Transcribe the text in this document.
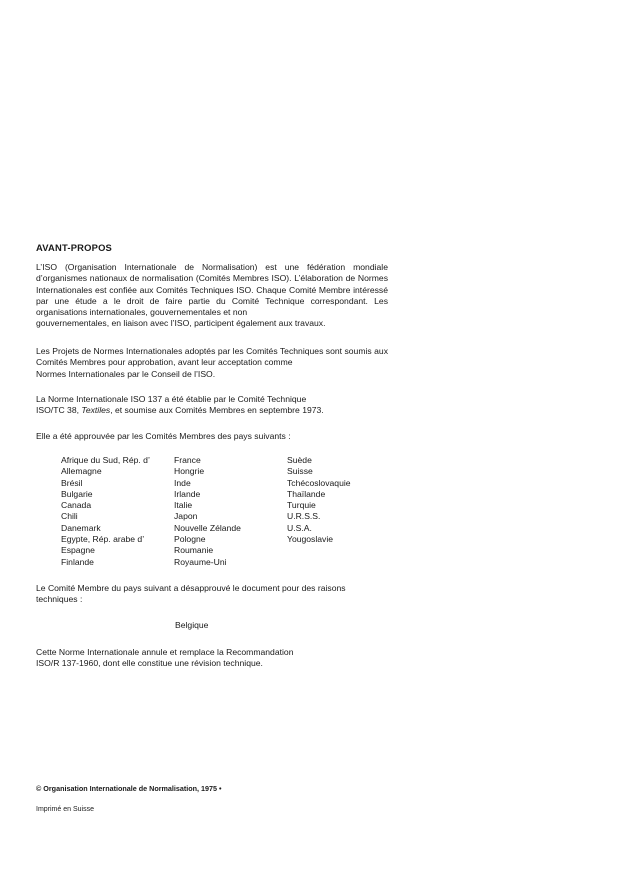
AVANT-PROPOS
L’ISO (Organisation Internationale de Normalisation) est une fédération mondiale d’organismes nationaux de normalisation (Comités Membres ISO). L’élaboration de Normes Internationales est confiée aux Comités Techniques ISO. Chaque Comité Membre intéressé par une étude a le droit de faire partie du Comité Technique correspondant. Les organisations internationales, gouvernementales et non
gouvernementales, en liaison avec l’ISO, participent également aux travaux.
Les Projets de Normes Internationales adoptés par les Comités Techniques sont soumis aux Comités Membres pour approbation, avant leur acceptation comme
Normes Internationales par le Conseil de l’ISO.
La Norme Internationale ISO 137 a été établie par le Comité Technique
ISO/TC 38, Textiles, et soumise aux Comités Membres en septembre 1973.
Elle a été approuvée par les Comités Membres des pays suivants :
Afrique du Sud, Rép. d’
Allemagne
Brésil
Bulgarie
Canada
Chili
Danemark
Egypte, Rép. arabe d’
Espagne
Finlande
France
Hongrie
Inde
Irlande
Italie
Japon
Nouvelle Zélande
Pologne
Roumanie
Royaume-Uni
Suède
Suisse
Tchécoslovaquie
Thaïlande
Turquie
U.R.S.S.
U.S.A.
Yougoslavie
Le Comité Membre du pays suivant a désapprouvé le document pour des raisons
techniques :
Belgique
Cette Norme Internationale annule et remplace la Recommandation
ISO/R 137-1960, dont elle constitue une révision technique.
© Organisation Internationale de Normalisation, 1975 •
Imprimé en Suisse
